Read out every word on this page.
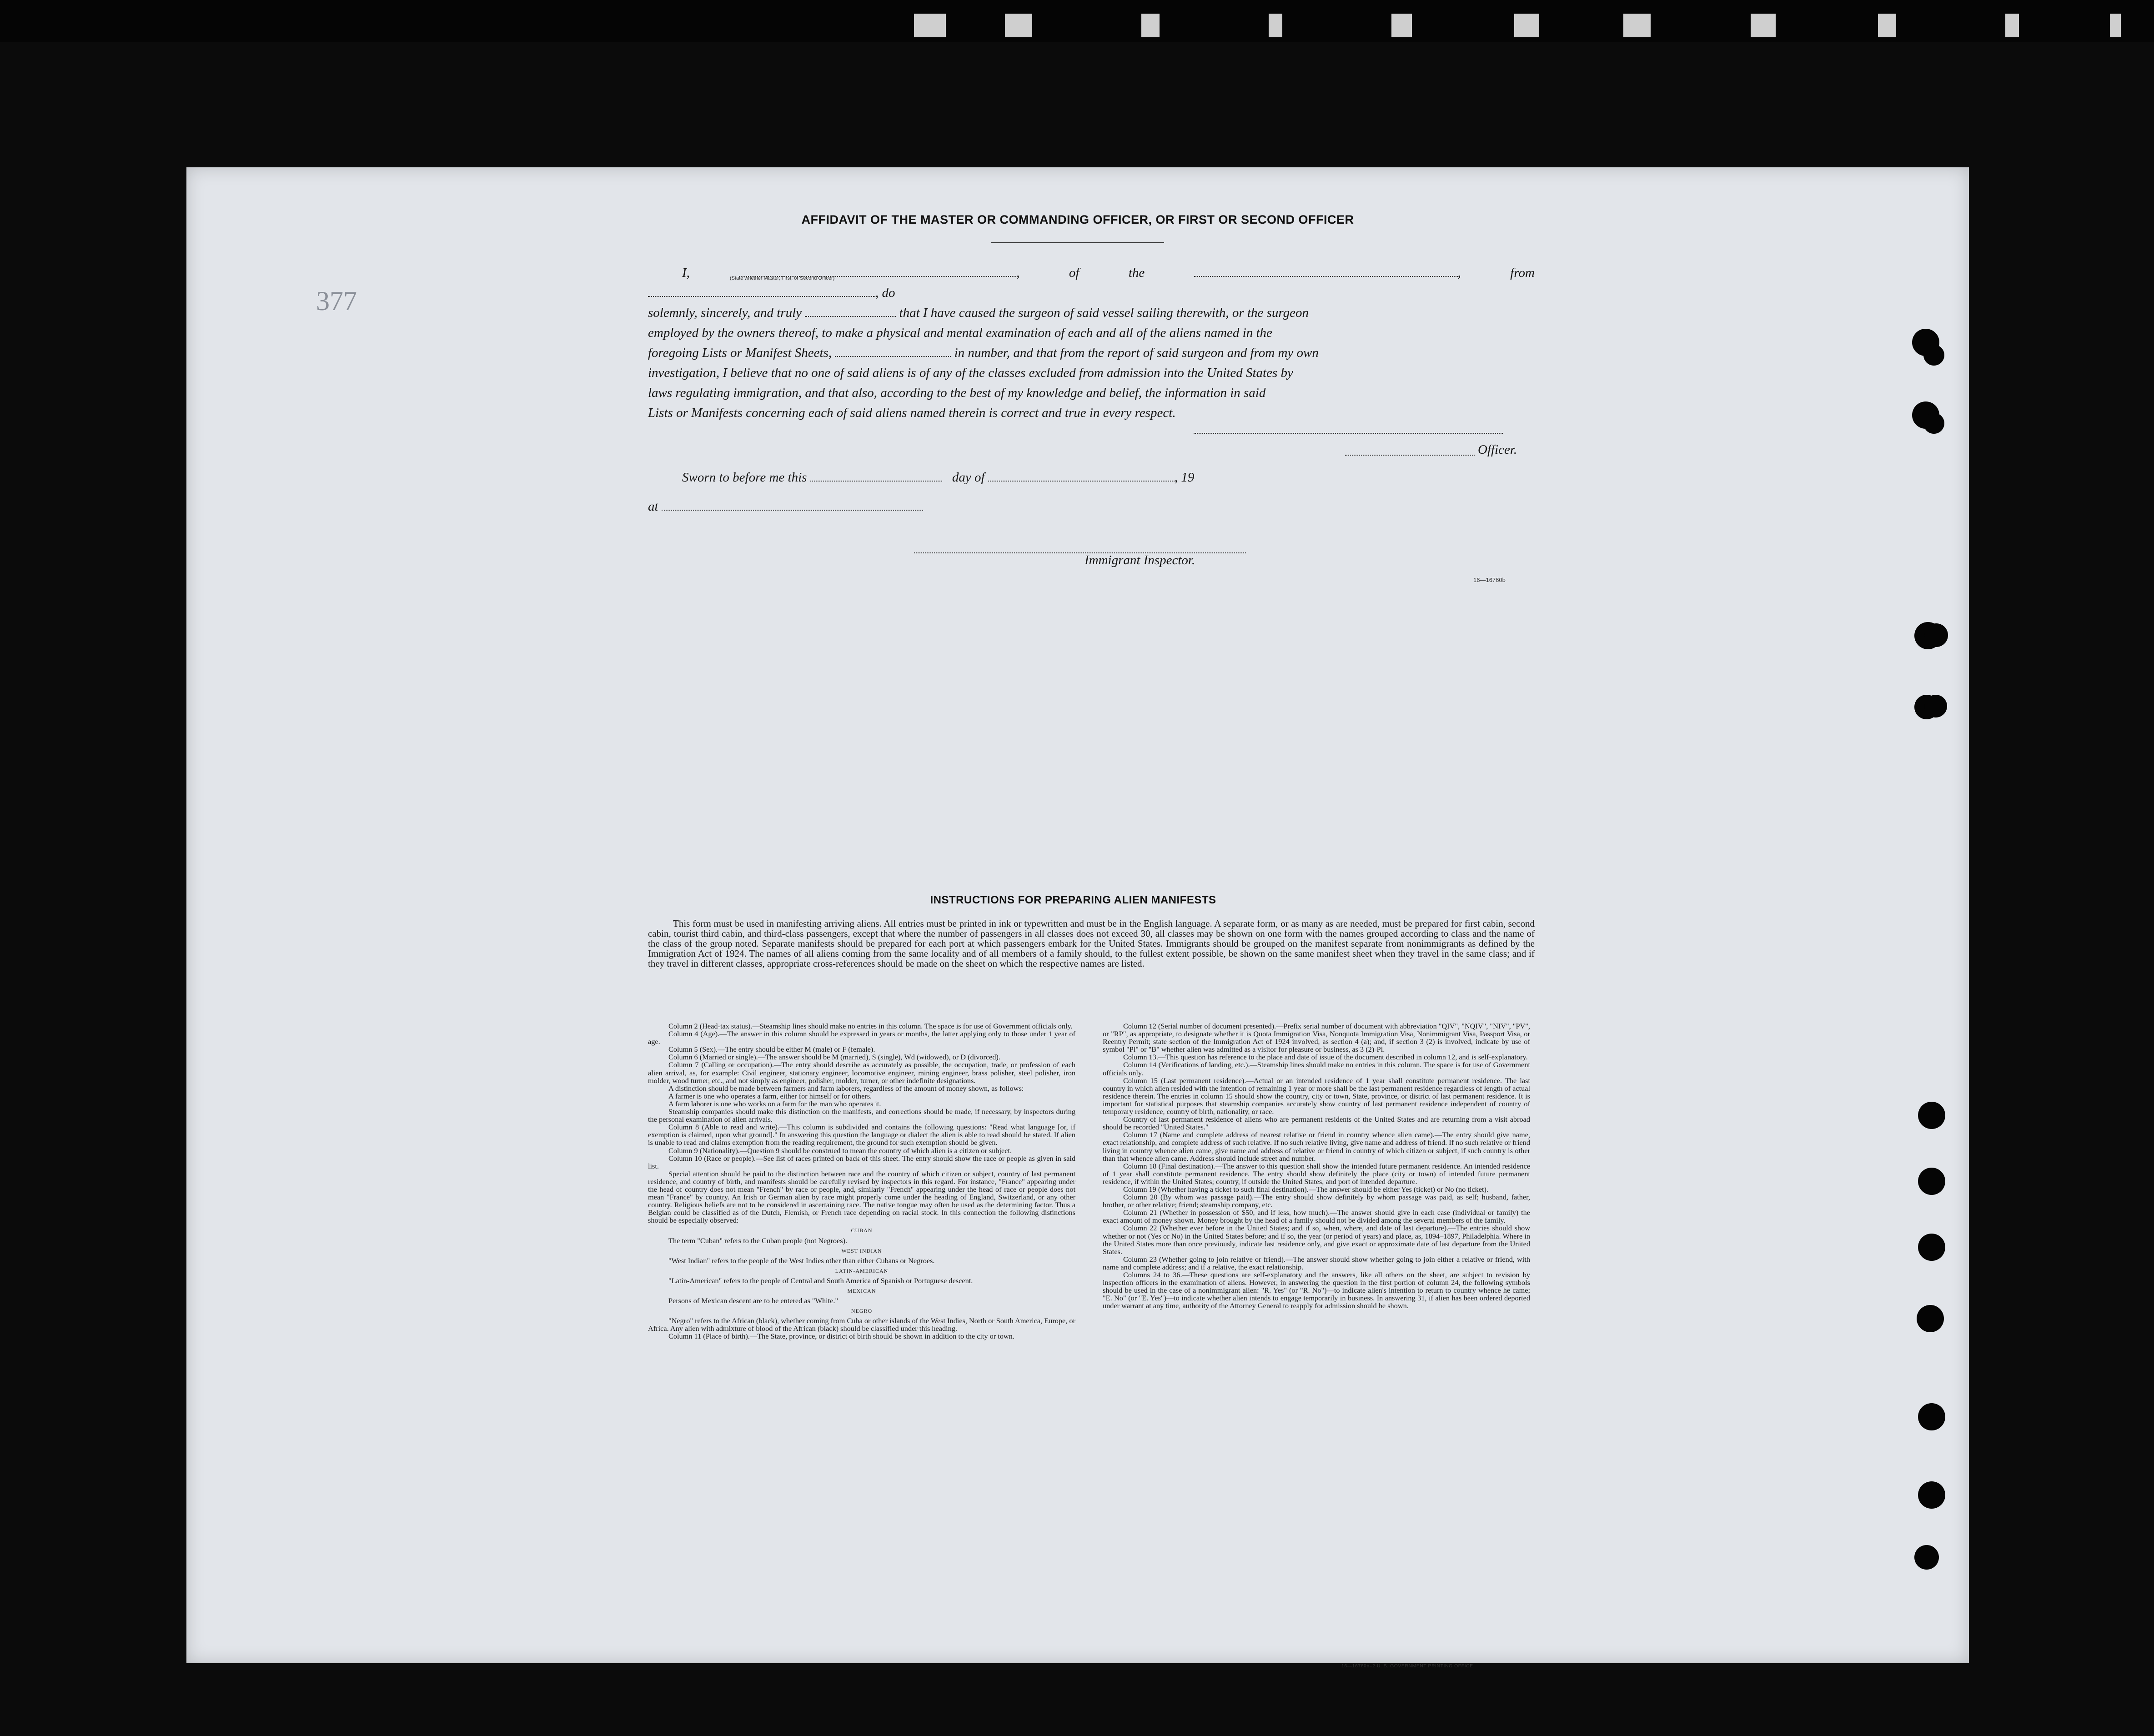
377
AFFIDAVIT OF THE MASTER OR COMMANDING OFFICER, OR FIRST OR SECOND OFFICER
I,	, of the	, from , do
solemnly, sincerely, and truly	that I have caused the surgeon of said vessel sailing therewith, or the surgeon
employed by the owners thereof, to make a physical and mental examination of each and all of the aliens named in the
foregoing Lists or Manifest Sheets,	in number, and that from the report of said surgeon and from my own
investigation, I believe that no one of said aliens is of any of the classes excluded from admission into the United States by
laws regulating immigration, and that also, according to the best of my knowledge and belief, the information in said
Lists or Manifests concerning each of said aliens named therein is correct and true in every respect.
(State whether Master, First, or Second Officer)
Officer.
Sworn to before me this	day of	, 19
at
Immigrant Inspector.
16—16760b
INSTRUCTIONS FOR PREPARING ALIEN MANIFESTS
This form must be used in manifesting arriving aliens. All entries must be printed in ink or typewritten and must be in the English language. A separate form, or as many as are needed, must be prepared for first cabin, second cabin, tourist third cabin, and third-class passengers, except that where the number of passengers in all classes does not exceed 30, all classes may be shown on one form with the names grouped according to class and the name of the class of the group noted. Separate manifests should be prepared for each port at which passengers embark for the United States. Immigrants should be grouped on the manifest separate from nonimmigrants as defined by the Immigration Act of 1924. The names of all aliens coming from the same locality and of all members of a family should, to the fullest extent possible, be shown on the same manifest sheet when they travel in the same class; and if they travel in different classes, appropriate cross-references should be made on the sheet on which the respective names are listed.

Column 2 (Head-tax status).—Steamship lines should make no entries in this column. The space is for use of Government officials only.

Column 4 (Age).—The answer in this column should be expressed in years or months, the latter applying only to those under 1 year of age.

Column 5 (Sex).—The entry should be either M (male) or F (female).

Column 6 (Married or single).—The answer should be M (married), S (single), Wd (widowed), or D (divorced).

Column 7 (Calling or occupation).—The entry should describe as accurately as possible, the occupation, trade, or profession of each alien arrival, as, for example: Civil engineer, stationary engineer, locomotive engineer, mining engineer, brass polisher, steel polisher, iron molder, wood turner, etc., and not simply as engineer, polisher, molder, turner, or other indefinite designations.

A distinction should be made between farmers and farm laborers, regardless of the amount of money shown, as follows:

A farmer is one who operates a farm, either for himself or for others.

A farm laborer is one who works on a farm for the man who operates it.

Steamship companies should make this distinction on the manifests, and corrections should be made, if necessary, by inspectors during the personal examination of alien arrivals.

Column 8 (Able to read and write).—This column is subdivided and contains the following questions: "Read what language [or, if exemption is claimed, upon what ground]." In answering this question the language or dialect the alien is able to read should be stated. If alien is unable to read and claims exemption from the reading requirement, the ground for such exemption should be given.

Column 9 (Nationality).—Question 9 should be construed to mean the country of which alien is a citizen or subject.

Column 10 (Race or people).—See list of races printed on back of this sheet. The entry should show the race or people as given in said list.

Special attention should be paid to the distinction between race and the country of which citizen or subject, country of last permanent residence, and country of birth, and manifests should be carefully revised by inspectors in this regard. For instance, "France" appearing under the head of country does not mean "French" by race or people, and, similarly "French" appearing under the head of race or people does not mean "France" by country. An Irish or German alien by race might properly come under the heading of England, Switzerland, or any other country. Religious beliefs are not to be considered in ascertaining race. The native tongue may often be used as the determining factor. Thus a Belgian could be classified as of the Dutch, Flemish, or French race depending on racial stock. In this connection the following distinctions should be especially observed:

CUBAN

The term "Cuban" refers to the Cuban people (not Negroes).

WEST INDIAN

"West Indian" refers to the people of the West Indies other than either Cubans or Negroes.

LATIN-AMERICAN

"Latin-American" refers to the people of Central and South America of Spanish or Portuguese descent.

MEXICAN

Persons of Mexican descent are to be entered as "White."

NEGRO

"Negro" refers to the African (black), whether coming from Cuba or other islands of the West Indies, North or South America, Europe, or Africa. Any alien with admixture of blood of the African (black) should be classified under this heading.

Column 11 (Place of birth).—The State, province, or district of birth should be shown in addition to the city or town.

Column 12 (Serial number of document presented).—Prefix serial number of document with abbreviation "QIV", "NQIV", "NIV", "PV", or "RP", as appropriate, to designate whether it is Quota Immigration Visa, Nonquota Immigration Visa, Nonimmigrant Visa, Passport Visa, or Reentry Permit; state section of the Immigration Act of 1924 involved, as section 4 (a); and, if section 3 (2) is involved, indicate by use of symbol "Pl" or "B" whether alien was admitted as a visitor for pleasure or business, as 3 (2)-Pl.

Column 13.—This question has reference to the place and date of issue of the document described in column 12, and is self-explanatory.

Column 14 (Verifications of landing, etc.).—Steamship lines should make no entries in this column. The space is for use of Government officials only.

Column 15 (Last permanent residence).—Actual or an intended residence of 1 year shall constitute permanent residence. The last country in which alien resided with the intention of remaining 1 year or more shall be the last permanent residence regardless of length of actual residence therein. The entries in column 15 should show the country, city or town, State, province, or district of last permanent residence. It is important for statistical purposes that steamship companies accurately show country of last permanent residence independent of country of temporary residence, country of birth, nationality, or race.

Country of last permanent residence of aliens who are permanent residents of the United States and are returning from a visit abroad should be recorded "United States."

Column 17 (Name and complete address of nearest relative or friend in country whence alien came).—The entry should give name, exact relationship, and complete address of such relative. If no such relative living, give name and address of friend. If no such relative or friend living in country whence alien came, give name and address of relative or friend in country of which citizen or subject, if such country is other than that whence alien came. Address should include street and number.

Column 18 (Final destination).—The answer to this question shall show the intended future permanent residence. An intended residence of 1 year shall constitute permanent residence. The entry should show definitely the place (city or town) of intended future permanent residence, if within the United States; country, if outside the United States, and port of intended departure.

Column 19 (Whether having a ticket to such final destination).—The answer should be either Yes (ticket) or No (no ticket).

Column 20 (By whom was passage paid).—The entry should show definitely by whom passage was paid, as self; husband, father, brother, or other relative; friend; steamship company, etc.

Column 21 (Whether in possession of $50, and if less, how much).—The answer should give in each case (individual or family) the exact amount of money shown. Money brought by the head of a family should not be divided among the several members of the family.

Column 22 (Whether ever before in the United States; and if so, when, where, and date of last departure).—The entries should show whether or not (Yes or No) in the United States before; and if so, the year (or period of years) and place, as, 1894–1897, Philadelphia. Where in the United States more than once previously, indicate last residence only, and give exact or approximate date of last departure from the United States.

Column 23 (Whether going to join relative or friend).—The answer should show whether going to join either a relative or friend, with name and complete address; and if a relative, the exact relationship.

Columns 24 to 36.—These questions are self-explanatory and the answers, like all others on the sheet, are subject to revision by inspection officers in the examination of aliens. However, in answering the question in the first portion of column 24, the following symbols should be used in the case of a nonimmigrant alien: "R. Yes" (or "R. No")—to indicate alien's intention to return to country whence he came; "E. No" (or "E. Yes")—to indicate whether alien intends to engage temporarily in business. In answering 31, if alien has been ordered deported under warrant at any time, authority of the Attorney General to reapply for admission should be shown.

16—16760b–2 U. S. GOVERNMENT PRINTING OFFICE
